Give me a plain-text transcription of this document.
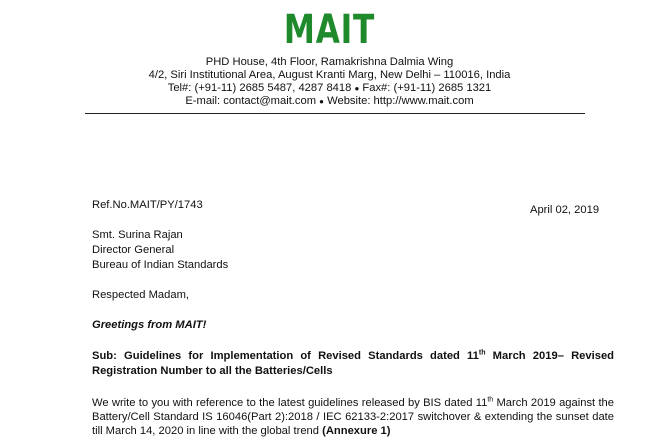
MAIT
PHD House, 4th Floor, Ramakrishna Dalmia Wing
4/2, Siri Institutional Area, August Kranti Marg, New Delhi – 110016, India
Tel#: (+91-11) 2685 5487, 4287 8418 ● Fax#: (+91-11) 2685 1321
E-mail: contact@mait.com ● Website: http://www.mait.com
Ref.No.MAIT/PY/1743	April 02, 2019
Smt. Surina Rajan
Director General
Bureau of Indian Standards
Respected Madam,
Greetings from MAIT!
Sub: Guidelines for Implementation of Revised Standards dated 11th March 2019– Revised
Registration Number to all the Batteries/Cells
We write to you with reference to the latest guidelines released by BIS dated 11th March 2019 against the
Battery/Cell Standard IS 16046(Part 2):2018 / IEC 62133-2:2017 switchover & extending the sunset date
till March 14, 2020 in line with the global trend (Annexure 1)
